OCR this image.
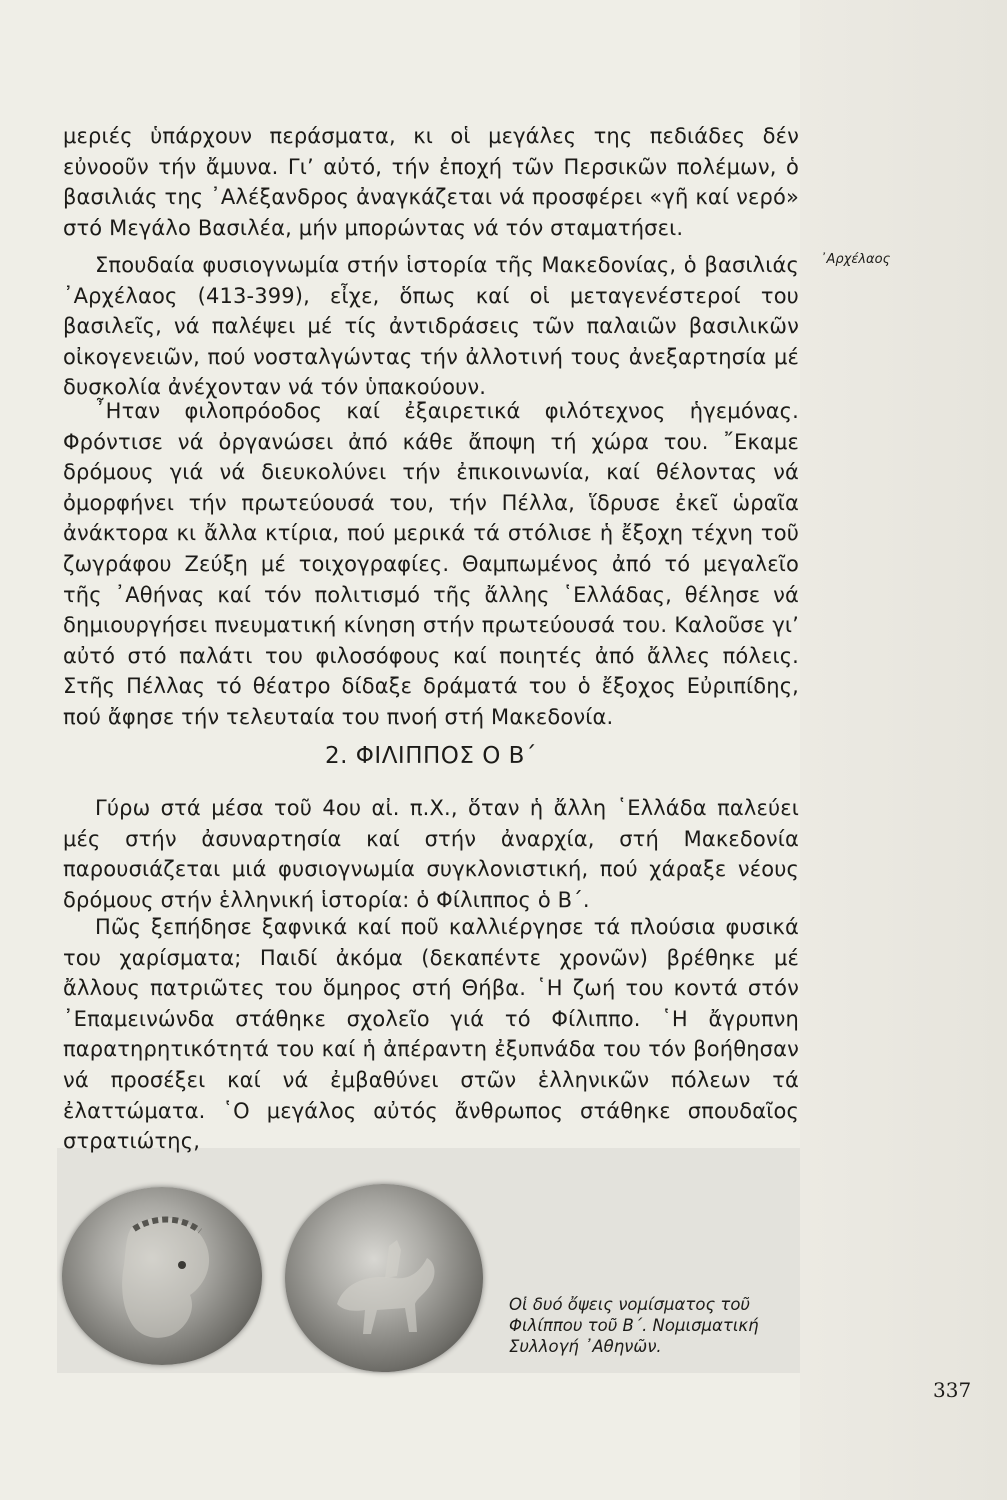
μεριές ὑπάρχουν περάσματα, κι οἱ μεγάλες της πεδιάδες δέν εὐνοοῦν τήν ἄμυνα. Γι’ αὐτό, τήν ἐποχή τῶν Περσικῶν πολέμων, ὁ βασιλιάς της ᾿Αλέξανδρος ἀναγκάζεται νά προσφέρει «γῆ καί νερό» στό Μεγάλο Βασιλέα, μήν μπορώντας νά τόν σταματήσει.

Σπουδαία φυσιογνωμία στήν ἱστορία τῆς Μακεδονίας, ὁ βασιλιάς ᾿Αρχέλαος (413-399), εἶχε, ὅπως καί οἱ μεταγενέστεροί του βασιλεῖς, νά παλέψει μέ τίς ἀντιδράσεις τῶν παλαιῶν βασιλικῶν οἰκογενειῶν, πού νοσταλγώντας τήν ἀλλοτινή τους ἀνεξαρτησία μέ δυσκολία ἀνέχονταν νά τόν ὑπακούουν.

᾿Αρχέλαος

῏Ηταν φιλοπρόοδος καί ἐξαιρετικά φιλότεχνος ἡγεμόνας. Φρόντισε νά ὀργανώσει ἀπό κάθε ἄποψη τή χώρα του. ῎Εκαμε δρόμους γιά νά διευκολύνει τήν ἐπικοινωνία, καί θέλοντας νά ὀμορφήνει τήν πρωτεύουσά του, τήν Πέλλα, ἵδρυσε ἐκεῖ ὡραῖα ἀνάκτορα κι ἄλλα κτίρια, πού μερικά τά στόλισε ἡ ἔξοχη τέχνη τοῦ ζωγράφου Ζεύξη μέ τοιχογραφίες. Θαμπωμένος ἀπό τό μεγαλεῖο τῆς ᾿Αθήνας καί τόν πολιτισμό τῆς ἄλλης ῾Ελλάδας, θέλησε νά δημιουργήσει πνευματική κίνηση στήν πρωτεύουσά του. Καλοῦσε γι’ αὐτό στό παλάτι του φιλοσόφους καί ποιητές ἀπό ἄλλες πόλεις. Στῆς Πέλλας τό θέατρο δίδαξε δράματά του ὁ ἔξοχος Εὐριπίδης, πού ἄφησε τήν τελευταία του πνοή στή Μακεδονία.

2. ΦΙΛΙΠΠΟΣ Ο Β΄

Γύρω στά μέσα τοῦ 4ου αἰ. π.Χ., ὅταν ἡ ἄλλη ῾Ελλάδα παλεύει μές στήν ἀσυναρτησία καί στήν ἀναρχία, στή Μακεδονία παρουσιάζεται μιά φυσιογνωμία συγκλονιστική, πού χάραξε νέους δρόμους στήν ἑλληνική ἱστορία: ὁ Φίλιππος ὁ Β΄.

Πῶς ξεπήδησε ξαφνικά καί ποῦ καλλιέργησε τά πλούσια φυσικά του χαρίσματα; Παιδί ἀκόμα (δεκαπέντε χρονῶν) βρέθηκε μέ ἄλλους πατριῶτες του ὅμηρος στή Θήβα. ῾Η ζωή του κοντά στόν ᾿Επαμεινώνδα στάθηκε σχολεῖο γιά τό Φίλιππο. ῾Η ἄγρυπνη παρατηρητικότητά του καί ἡ ἀπέραντη ἐξυπνάδα του τόν βοήθησαν νά προσέξει καί νά ἐμβαθύνει στῶν ἑλληνικῶν πόλεων τά ἐλαττώματα. ῾Ο μεγάλος αὐτός ἄνθρωπος στάθηκε σπουδαῖος στρατιώτης,

Οἱ δυό ὄψεις νομίσματος τοῦ Φιλίππου τοῦ Β΄. Νομισματική Συλλογή ᾿Αθηνῶν.

337
